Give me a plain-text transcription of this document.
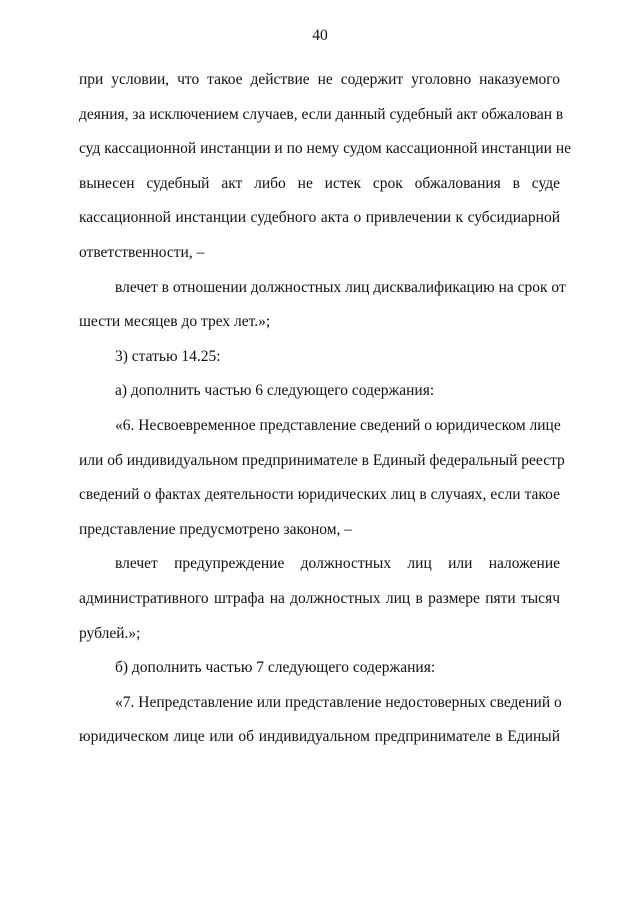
40
при условии, что такое действие не содержит уголовно наказуемого
деяния, за исключением случаев, если данный судебный акт обжалован в
суд кассационной инстанции и по нему судом кассационной инстанции не
вынесен судебный акт либо не истек срок обжалования в суде
кассационной инстанции судебного акта о привлечении к субсидиарной
ответственности, –
влечет в отношении должностных лиц дисквалификацию на срок от
шести месяцев до трех лет.»;
3) статью 14.25:
а) дополнить частью 6 следующего содержания:
«6. Несвоевременное представление сведений о юридическом лице
или об индивидуальном предпринимателе в Единый федеральный реестр
сведений о фактах деятельности юридических лиц в случаях, если такое
представление предусмотрено законом, –
влечет предупреждение должностных лиц или наложение
административного штрафа на должностных лиц в размере пяти тысяч
рублей.»;
б) дополнить частью 7 следующего содержания:
«7. Непредставление или представление недостоверных сведений о
юридическом лице или об индивидуальном предпринимателе в Единый
